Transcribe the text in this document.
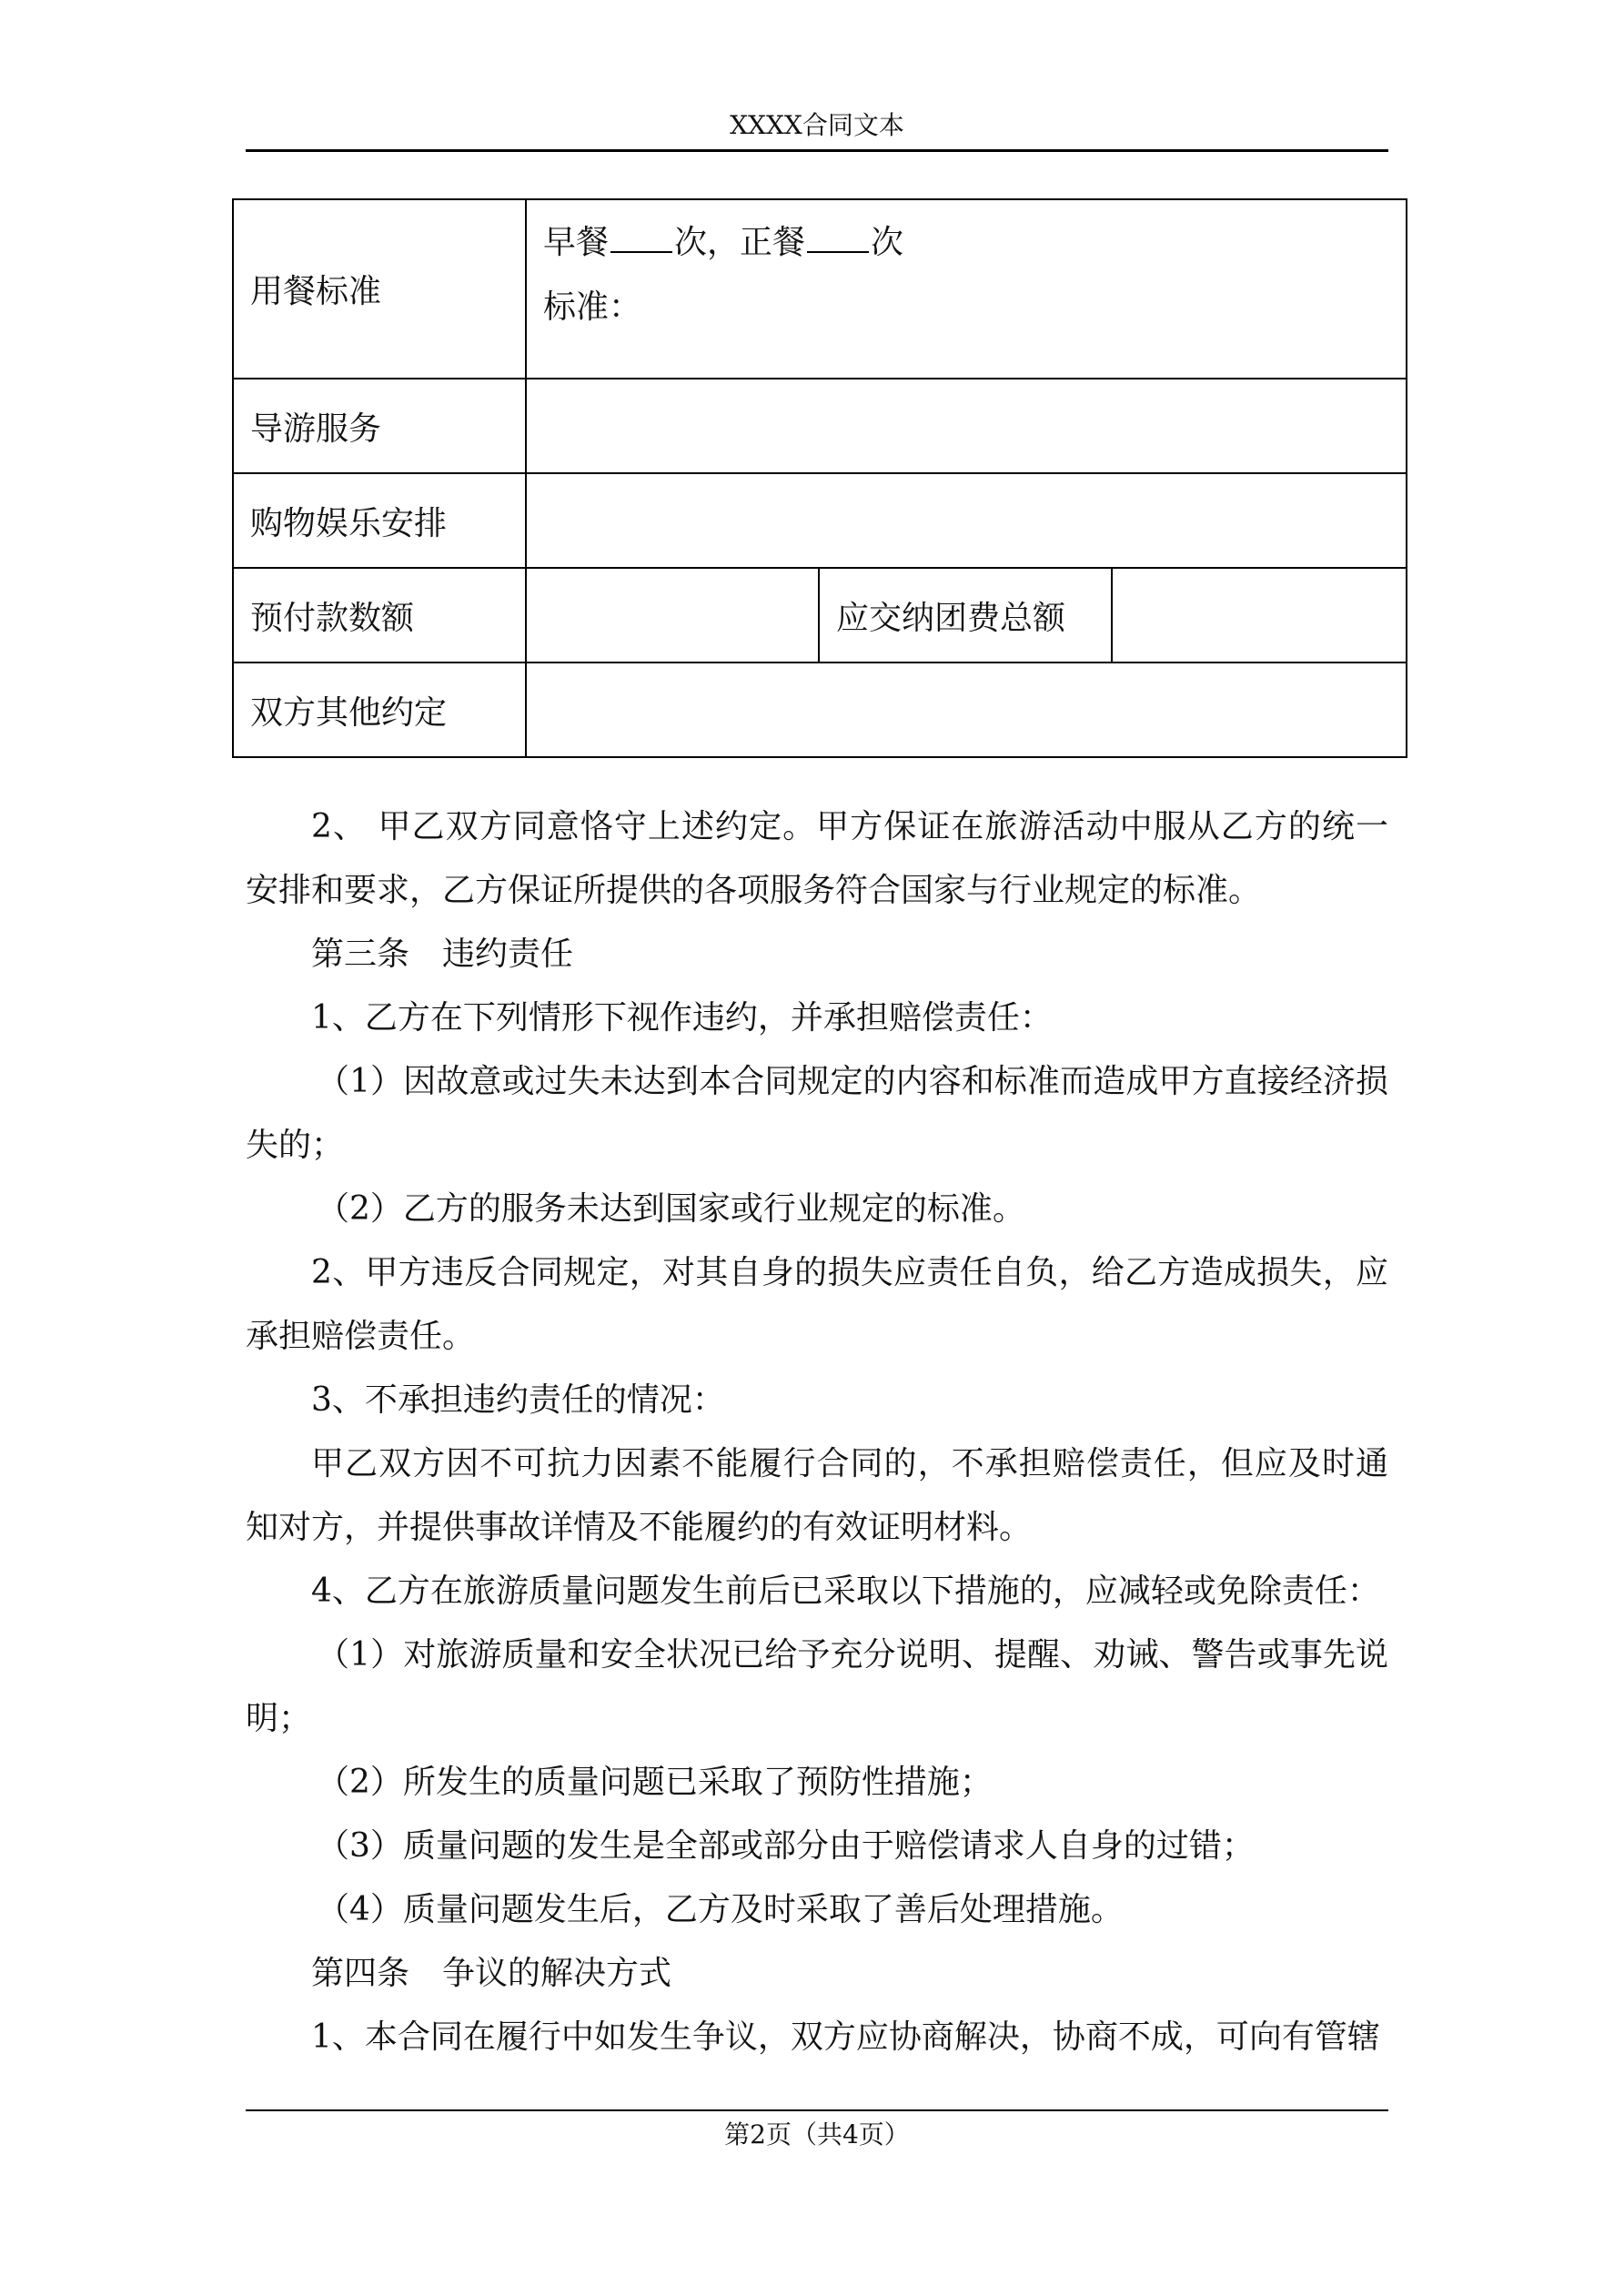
XXXX合同文本
用餐标准	早餐 次，正餐 次
标准：		

导游服务			
购物娱乐安排			
预付款数额		应交纳团费总额	
双方其他约定			

2、 甲乙双方同意恪守上述约定。甲方保证在旅游活动中服从乙方的统一安排和要求，乙方保证所提供的各项服务符合国家与行业规定的标准。

第三条　违约责任

1、乙方在下列情形下视作违约，并承担赔偿责任：

（1）因故意或过失未达到本合同规定的内容和标准而造成甲方直接经济损失的；

（2）乙方的服务未达到国家或行业规定的标准。

2、甲方违反合同规定，对其自身的损失应责任自负，给乙方造成损失，应承担赔偿责任。

3、不承担违约责任的情况：

甲乙双方因不可抗力因素不能履行合同的，不承担赔偿责任，但应及时通知对方，并提供事故详情及不能履约的有效证明材料。

4、乙方在旅游质量问题发生前后已采取以下措施的，应减轻或免除责任：

（1）对旅游质量和安全状况已给予充分说明、提醒、劝诫、警告或事先说明；

（2）所发生的质量问题已采取了预防性措施；

（3）质量问题的发生是全部或部分由于赔偿请求人自身的过错；

（4）质量问题发生后，乙方及时采取了善后处理措施。

第四条　争议的解决方式

1、本合同在履行中如发生争议，双方应协商解决，协商不成，可向有管辖

第2页（共4页）
